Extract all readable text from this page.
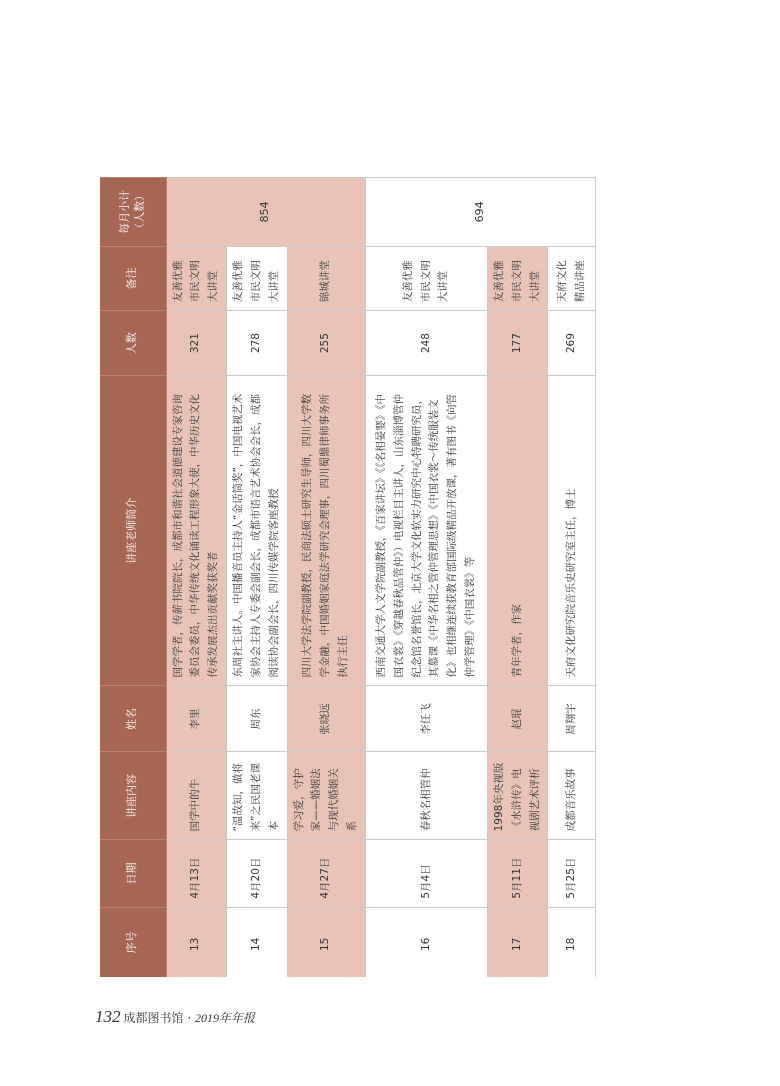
序号	日期	讲座内容	姓名	讲座老师简介	人数	备注	每月小计
（人数）
13	4月13日	国学中的牛	李里	国学学者，传薪书院院长，成都市和谐社会道德建设专家咨询委员会委员，中华传统文化诵读工程形象大使，中华历史文化传承发展杰出贡献奖获奖者	321	友善优雅市民文明大讲堂	854
14	4月20日	“温故知，做将来”之民国老课本	周东	东周社主讲人。中国播音员主持人“金话筒奖”，中国电视艺术家协会主持人专委会副会长，成都市语言艺术协会会长，成都阅读协会副会长，四川传媒学院客座教授	278	友善优雅市民文明大讲堂	
15	4月27日	学习爱，守护家——婚姻法与现代婚姻关系	张晓远	四川大学法学院副教授，民商法硕士研究生导师，四川大学数学金融，中国婚姻家庭法学研究会理事，四川蜀鼎律师事务所执行主任	255	锦城讲堂	
16	5月4日	春秋名相管仲	李任飞	西南交通大学人文学院副教授，《百家讲坛》《《名相晏婴》《中国衣裳》《穿越春秋品管仲》）电视栏目主讲人，山东淄博管仲纪念馆名誉馆长，北京大学文化软实力研究中心特聘研究员，其慕课《中华名相之管仲管理思想》《中国衣裳～传统服装文化》也相继连续获教育部国际级精品开放课，著有图书《向管仲学管理》《中国衣裳》等	248	友善优雅市民文明大讲堂	694
17	5月11日	1998年央视版《水浒传》电视剧艺术评析	赵琨	青年学者，作家	177	友善优雅市民文明大讲堂	
18	5月25日	成都音乐故事	周翔宇	天府文化研究院音乐史研究室主任，博士	269	天府文化精品讲座	
132 成都图书馆 · 2019年年报
